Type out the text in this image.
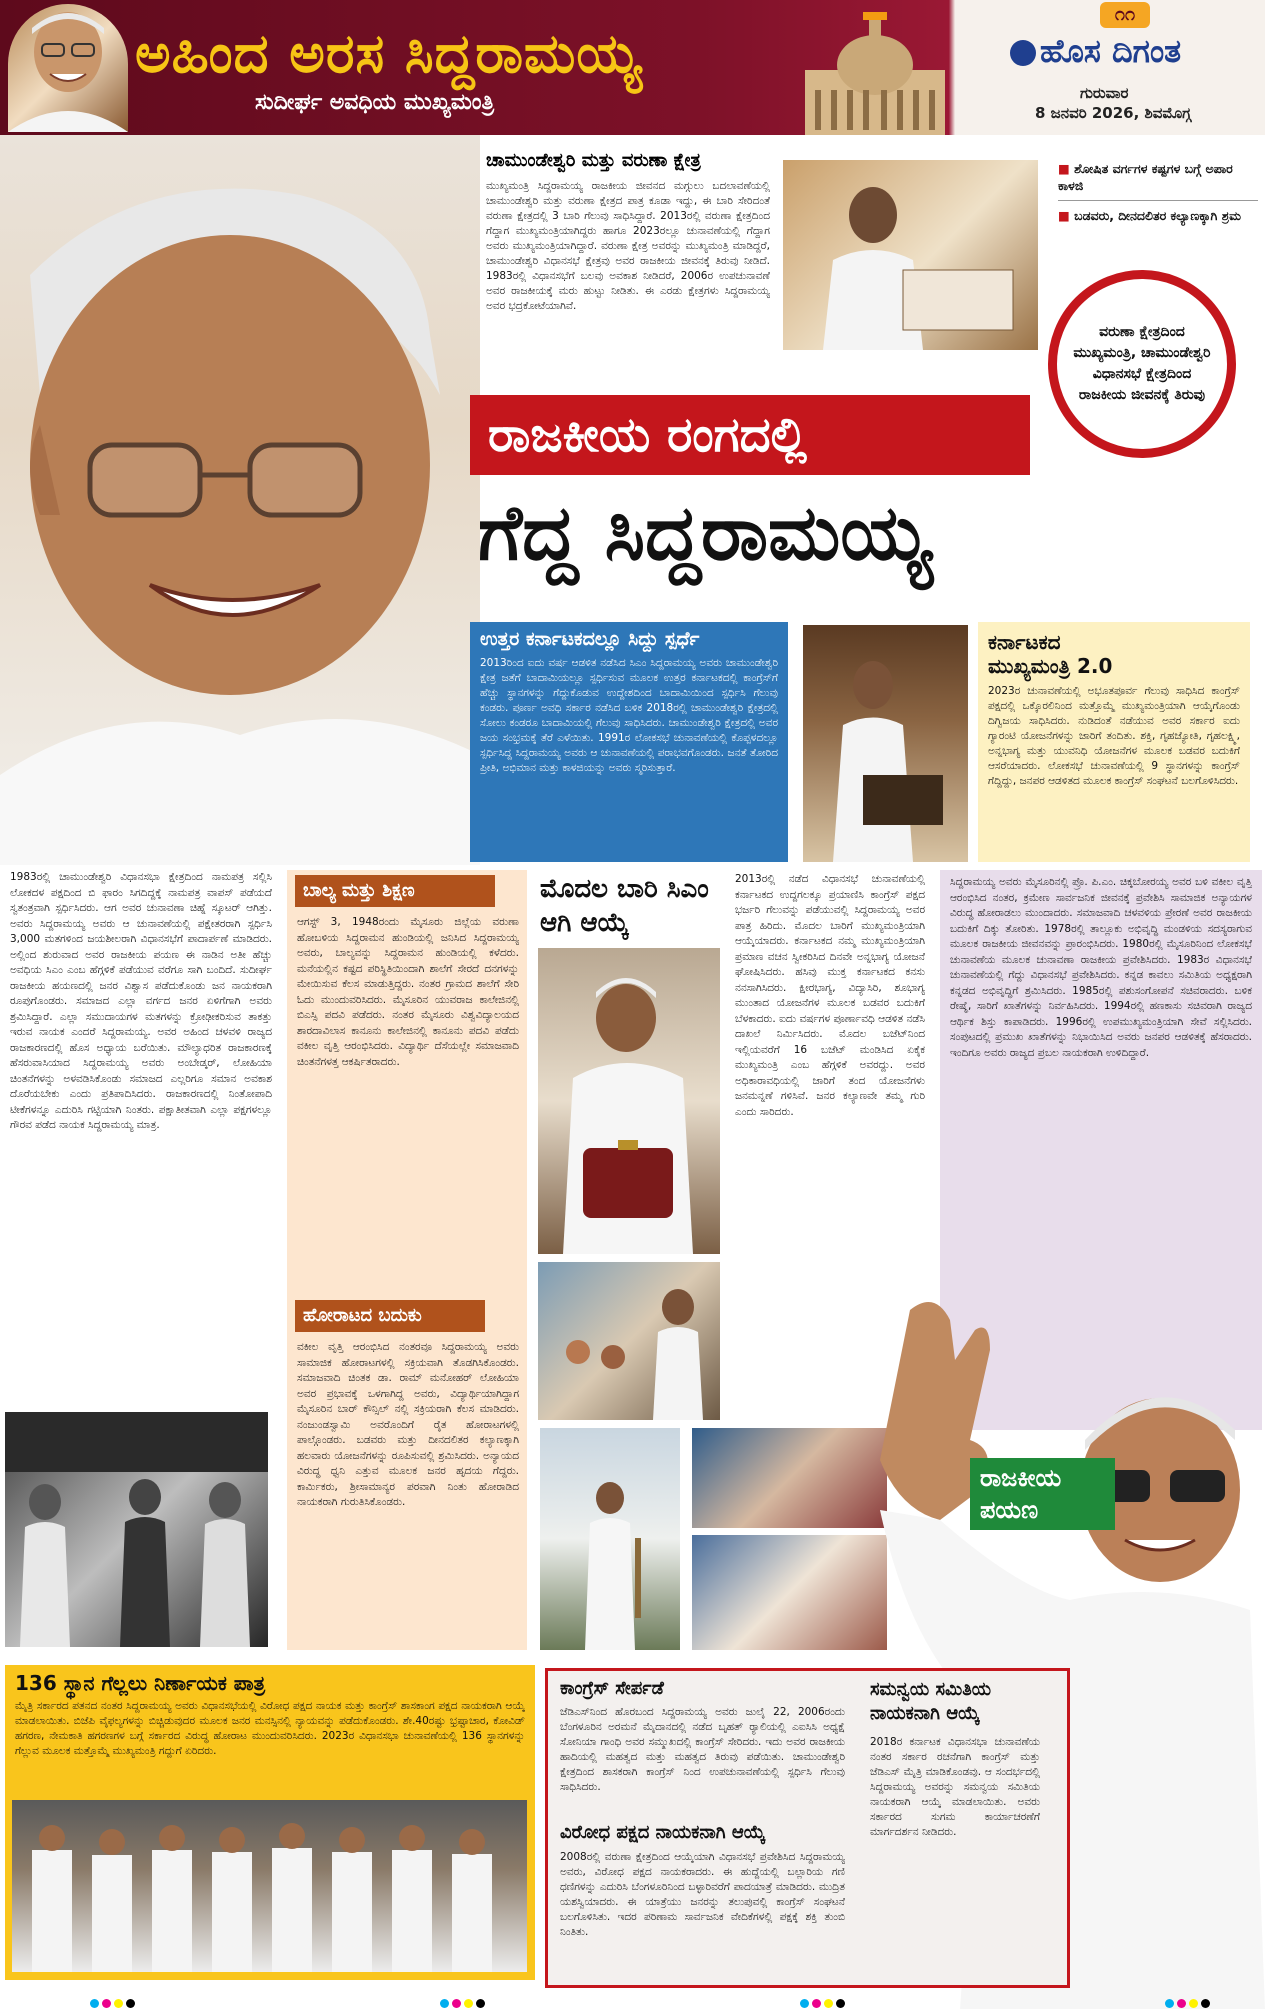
ಅಹಿಂದ ಅರಸ ಸಿದ್ದರಾಮಯ್ಯ
ಸುದೀರ್ಘ ಅವಧಿಯ ಮುಖ್ಯಮಂತ್ರಿ
೧೧
ಹೊಸ ದಿಗಂತ
ಗುರುವಾರ
8 ಜನವರಿ 2026, ಶಿವಮೊಗ್ಗ
ಚಾಮುಂಡೇಶ್ವರಿ ಮತ್ತು ವರುಣಾ ಕ್ಷೇತ್ರ
ಮುಖ್ಯಮಂತ್ರಿ ಸಿದ್ದರಾಮಯ್ಯ ರಾಜಕೀಯ ಜೀವನದ ಮಗ್ಗುಲು ಬದಲಾವಣೆಯಲ್ಲಿ ಚಾಮುಂಡೇಶ್ವರಿ ಮತ್ತು ವರುಣಾ ಕ್ಷೇತ್ರದ ಪಾತ್ರ ಕೂಡಾ ಇದ್ದು, ಈ ಬಾರಿ ಸೇರಿದಂತೆ ವರುಣಾ ಕ್ಷೇತ್ರದಲ್ಲಿ 3 ಬಾರಿ ಗೆಲುವು ಸಾಧಿಸಿದ್ದಾರೆ. 2013ರಲ್ಲಿ ವರುಣಾ ಕ್ಷೇತ್ರದಿಂದ ಗೆದ್ದಾಗ ಮುಖ್ಯಮಂತ್ರಿಯಾಗಿದ್ದರು ಹಾಗೂ 2023ರಲ್ಲೂ ಚುನಾವಣೆಯಲ್ಲಿ ಗೆದ್ದಾಗ ಅವರು ಮುಖ್ಯಮಂತ್ರಿಯಾಗಿದ್ದಾರೆ. ವರುಣಾ ಕ್ಷೇತ್ರ ಅವರನ್ನು ಮುಖ್ಯಮಂತ್ರಿ ಮಾಡಿದ್ದರೆ, ಚಾಮುಂಡೇಶ್ವರಿ ವಿಧಾನಸಭೆ ಕ್ಷೇತ್ರವು ಅವರ ರಾಜಕೀಯ ಜೀವನಕ್ಕೆ ತಿರುವು ನೀಡಿದೆ. 1983ರಲ್ಲಿ ವಿಧಾನಸಭೆಗೆ ಬಲವು ಅವಕಾಶ ನೀಡಿದರೆ, 2006ರ ಉಪಚುನಾವಣೆ ಅವರ ರಾಜಕೀಯಕ್ಕೆ ಮರು ಹುಟ್ಟು ನೀಡಿತು. ಈ ಎರಡು ಕ್ಷೇತ್ರಗಳು ಸಿದ್ದರಾಮಯ್ಯ ಅವರ ಭದ್ರಕೋಟೆಯಾಗಿವೆ.
■ ಶೋಷಿತ ವರ್ಗಗಳ ಕಷ್ಟಗಳ ಬಗ್ಗೆ ಅಪಾರ ಕಾಳಜಿ
■ ಬಡವರು, ದೀನದಲಿತರ ಕಲ್ಯಾಣಕ್ಕಾಗಿ ಶ್ರಮ
ವರುಣಾ ಕ್ಷೇತ್ರದಿಂದ ಮುಖ್ಯಮಂತ್ರಿ, ಚಾಮುಂಡೇಶ್ವರಿ ವಿಧಾನಸಭೆ ಕ್ಷೇತ್ರದಿಂದ ರಾಜಕೀಯ ಜೀವನಕ್ಕೆ ತಿರುವು
ರಾಜಕೀಯ ರಂಗದಲ್ಲಿ
ಗೆದ್ದ ಸಿದ್ದರಾಮಯ್ಯ
ಉತ್ತರ ಕರ್ನಾಟಕದಲ್ಲೂ ಸಿದ್ದು ಸ್ಪರ್ಧೆ
2013ರಿಂದ ಐದು ವರ್ಷ ಆಡಳಿತ ನಡೆಸಿದ ಸಿಎಂ ಸಿದ್ದರಾಮಯ್ಯ ಅವರು ಚಾಮುಂಡೇಶ್ವರಿ ಕ್ಷೇತ್ರ ಜತೆಗೆ ಬಾದಾಮಿಯಲ್ಲೂ ಸ್ಪರ್ಧಿಸುವ ಮೂಲಕ ಉತ್ತರ ಕರ್ನಾಟಕದಲ್ಲಿ ಕಾಂಗ್ರೆಸ್‌ಗೆ ಹೆಚ್ಚು ಸ್ಥಾನಗಳನ್ನು ಗೆದ್ದುಕೊಡುವ ಉದ್ದೇಶದಿಂದ ಬಾದಾಮಿಯಿಂದ ಸ್ಪರ್ಧಿಸಿ ಗೆಲುವು ಕಂಡರು. ಪೂರ್ಣ ಅವಧಿ ಸರ್ಕಾರ ನಡೆಸಿದ ಬಳಿಕ 2018ರಲ್ಲಿ ಚಾಮುಂಡೇಶ್ವರಿ ಕ್ಷೇತ್ರದಲ್ಲಿ ಸೋಲು ಕಂಡರೂ ಬಾದಾಮಿಯಲ್ಲಿ ಗೆಲುವು ಸಾಧಿಸಿದರು. ಚಾಮುಂಡೇಶ್ವರಿ ಕ್ಷೇತ್ರದಲ್ಲಿ ಅವರ ಜಯ ಸಂಭ್ರಮಕ್ಕೆ ತೆರೆ ಎಳೆಯಿತು. 1991ರ ಲೋಕಸಭೆ ಚುನಾವಣೆಯಲ್ಲಿ ಕೊಪ್ಪಳದಲ್ಲೂ ಸ್ಪರ್ಧಿಸಿದ್ದ ಸಿದ್ದರಾಮಯ್ಯ ಅವರು ಆ ಚುನಾವಣೆಯಲ್ಲಿ ಪರಾಭವಗೊಂಡರು. ಜನತೆ ತೋರಿದ ಪ್ರೀತಿ, ಅಭಿಮಾನ ಮತ್ತು ಕಾಳಜಿಯನ್ನು ಅವರು ಸ್ಮರಿಸುತ್ತಾರೆ.
ಕರ್ನಾಟಕದ ಮುಖ್ಯಮಂತ್ರಿ 2.0
2023ರ ಚುನಾವಣೆಯಲ್ಲಿ ಅಭೂತಪೂರ್ವ ಗೆಲುವು ಸಾಧಿಸಿದ ಕಾಂಗ್ರೆಸ್ ಪಕ್ಷದಲ್ಲಿ ಒಕ್ಕೊರಲಿನಿಂದ ಮತ್ತೊಮ್ಮೆ ಮುಖ್ಯಮಂತ್ರಿಯಾಗಿ ಆಯ್ಕೆಗೊಂಡು ದಿಗ್ವಿಜಯ ಸಾಧಿಸಿದರು. ನುಡಿದಂತೆ ನಡೆಯುವ ಅವರ ಸರ್ಕಾರ ಐದು ಗ್ಯಾರಂಟಿ ಯೋಜನೆಗಳನ್ನು ಜಾರಿಗೆ ತಂದಿತು. ಶಕ್ತಿ, ಗೃಹಜ್ಯೋತಿ, ಗೃಹಲಕ್ಷ್ಮಿ, ಅನ್ನಭಾಗ್ಯ ಮತ್ತು ಯುವನಿಧಿ ಯೋಜನೆಗಳ ಮೂಲಕ ಬಡವರ ಬದುಕಿಗೆ ಆಸರೆಯಾದರು. ಲೋಕಸಭೆ ಚುನಾವಣೆಯಲ್ಲಿ 9 ಸ್ಥಾನಗಳನ್ನು ಕಾಂಗ್ರೆಸ್ ಗೆದ್ದಿದ್ದು, ಜನಪರ ಆಡಳಿತದ ಮೂಲಕ ಕಾಂಗ್ರೆಸ್ ಸಂಘಟನೆ ಬಲಗೊಳಿಸಿದರು.
1983ರಲ್ಲಿ ಚಾಮುಂಡೇಶ್ವರಿ ವಿಧಾನಸಭಾ ಕ್ಷೇತ್ರದಿಂದ ನಾಮಪತ್ರ ಸಲ್ಲಿಸಿ ಲೋಕದಳ ಪಕ್ಷದಿಂದ ಬಿ ಫಾರಂ ಸಿಗದಿದ್ದಕ್ಕೆ ನಾಮಪತ್ರ ವಾಪಸ್ ಪಡೆಯದೆ ಸ್ವತಂತ್ರವಾಗಿ ಸ್ಪರ್ಧಿಸಿದರು. ಆಗ ಅವರ ಚುನಾವಣಾ ಚಿಹ್ನೆ ಸ್ಕೂಟರ್ ಆಗಿತ್ತು. ಅವರು ಸಿದ್ದರಾಮಯ್ಯ ಅವರು ಆ ಚುನಾವಣೆಯಲ್ಲಿ ಪಕ್ಷೇತರರಾಗಿ ಸ್ಪರ್ಧಿಸಿ 3,000 ಮತಗಳಿಂದ ಜಯಶೀಲರಾಗಿ ವಿಧಾನಸಭೆಗೆ ಪಾದಾರ್ಪಣೆ ಮಾಡಿದರು. ಅಲ್ಲಿಂದ ಶುರುವಾದ ಅವರ ರಾಜಕೀಯ ಪಯಣ ಈ ನಾಡಿನ ಅತೀ ಹೆಚ್ಚು ಅವಧಿಯ ಸಿಎಂ ಎಂಬ ಹೆಗ್ಗಳಿಕೆ ಪಡೆಯುವ ವರೆಗೂ ಸಾಗಿ ಬಂದಿದೆ. ಸುದೀರ್ಘ ರಾಜಕೀಯ ಹಯಣದಲ್ಲಿ ಜನರ ವಿಶ್ವಾಸ ಪಡೆದುಕೊಂಡು ಜನ ನಾಯಕರಾಗಿ ರೂಪುಗೊಂಡರು. ಸಮಾಜದ ಎಲ್ಲಾ ವರ್ಗದ ಜನರ ಏಳಿಗೆಗಾಗಿ ಅವರು ಶ್ರಮಿಸಿದ್ದಾರೆ. ಎಲ್ಲಾ ಸಮುದಾಯಗಳ ಮತಗಳನ್ನು ಕ್ರೋಢೀಕರಿಸುವ ತಾಕತ್ತು ಇರುವ ನಾಯಕ ಎಂದರೆ ಸಿದ್ದರಾಮಯ್ಯ. ಅವರ ಅಹಿಂದ ಚಳವಳಿ ರಾಜ್ಯದ ರಾಜಕಾರಣದಲ್ಲಿ ಹೊಸ ಅಧ್ಯಾಯ ಬರೆಯಿತು. ಮೌಲ್ಯಾಧರಿತ ರಾಜಕಾರಣಕ್ಕೆ ಹೆಸರುವಾಸಿಯಾದ ಸಿದ್ದರಾಮಯ್ಯ ಅವರು ಅಂಬೇಡ್ಕರ್, ಲೋಹಿಯಾ ಚಿಂತನೆಗಳನ್ನು ಅಳವಡಿಸಿಕೊಂಡು ಸಮಾಜದ ಎಲ್ಲರಿಗೂ ಸಮಾನ ಅವಕಾಶ ದೊರೆಯಬೇಕು ಎಂದು ಪ್ರತಿಪಾದಿಸಿದರು. ರಾಜಕಾರಣದಲ್ಲಿ ನಿಂತೋಪಾದಿ ಟೀಕೆಗಳನ್ನೂ ಎದುರಿಸಿ ಗಟ್ಟಿಯಾಗಿ ನಿಂತರು. ಪಕ್ಷಾತೀತವಾಗಿ ಎಲ್ಲಾ ಪಕ್ಷಗಳಲ್ಲೂ ಗೌರವ ಪಡೆದ ನಾಯಕ ಸಿದ್ದರಾಮಯ್ಯ ಮಾತ್ರ.
ಬಾಲ್ಯ ಮತ್ತು ಶಿಕ್ಷಣ
ಆಗಸ್ಟ್ 3, 1948ರಂದು ಮೈಸೂರು ಜಿಲ್ಲೆಯ ವರುಣಾ ಹೋಬಳಿಯ ಸಿದ್ದರಾಮನ ಹುಂಡಿಯಲ್ಲಿ ಜನಿಸಿದ ಸಿದ್ದರಾಮಯ್ಯ ಅವರು, ಬಾಲ್ಯವನ್ನು ಸಿದ್ದರಾಮನ ಹುಂಡಿಯಲ್ಲಿ ಕಳೆದರು. ಮನೆಯಲ್ಲಿನ ಕಷ್ಟದ ಪರಿಸ್ಥಿತಿಯಿಂದಾಗಿ ಶಾಲೆಗೆ ಸೇರದೆ ದನಗಳನ್ನು ಮೇಯಿಸುವ ಕೆಲಸ ಮಾಡುತ್ತಿದ್ದರು. ನಂತರ ಗ್ರಾಮದ ಶಾಲೆಗೆ ಸೇರಿ ಓದು ಮುಂದುವರಿಸಿದರು. ಮೈಸೂರಿನ ಯುವರಾಜ ಕಾಲೇಜಿನಲ್ಲಿ ಬಿಎಸ್ಸಿ ಪದವಿ ಪಡೆದರು. ನಂತರ ಮೈಸೂರು ವಿಶ್ವವಿದ್ಯಾಲಯದ ಶಾರದಾವಿಲಾಸ ಕಾನೂನು ಕಾಲೇಜಿನಲ್ಲಿ ಕಾನೂನು ಪದವಿ ಪಡೆದು ವಕೀಲ ವೃತ್ತಿ ಆರಂಭಿಸಿದರು. ವಿದ್ಯಾರ್ಥಿ ದೆಸೆಯಲ್ಲೇ ಸಮಾಜವಾದಿ ಚಿಂತನೆಗಳತ್ತ ಆಕರ್ಷಿತರಾದರು.
ಹೋರಾಟದ ಬದುಕು
ವಕೀಲ ವೃತ್ತಿ ಆರಂಭಿಸಿದ ನಂತರವೂ ಸಿದ್ದರಾಮಯ್ಯ ಅವರು ಸಾಮಾಜಿಕ ಹೋರಾಟಗಳಲ್ಲಿ ಸಕ್ರಿಯವಾಗಿ ತೊಡಗಿಸಿಕೊಂಡರು. ಸಮಾಜವಾದಿ ಚಿಂತಕ ಡಾ. ರಾಮ್ ಮನೋಹರ್ ಲೋಹಿಯಾ ಅವರ ಪ್ರಭಾವಕ್ಕೆ ಒಳಗಾಗಿದ್ದ ಅವರು, ವಿದ್ಯಾರ್ಥಿಯಾಗಿದ್ದಾಗ ಮೈಸೂರಿನ ಬಾರ್ ಕೌನ್ಸಿಲ್ ನಲ್ಲಿ ಸಕ್ರಿಯರಾಗಿ ಕೆಲಸ ಮಾಡಿದರು. ನಂಜುಂಡಸ್ವಾಮಿ ಅವರೊಂದಿಗೆ ರೈತ ಹೋರಾಟಗಳಲ್ಲಿ ಪಾಲ್ಗೊಂಡರು. ಬಡವರು ಮತ್ತು ದೀನದಲಿತರ ಕಲ್ಯಾಣಕ್ಕಾಗಿ ಹಲವಾರು ಯೋಜನೆಗಳನ್ನು ರೂಪಿಸುವಲ್ಲಿ ಶ್ರಮಿಸಿದರು. ಅನ್ಯಾಯದ ವಿರುದ್ಧ ಧ್ವನಿ ಎತ್ತುವ ಮೂಲಕ ಜನರ ಹೃದಯ ಗೆದ್ದರು. ಕಾರ್ಮಿಕರು, ಶ್ರೀಸಾಮಾನ್ಯರ ಪರವಾಗಿ ನಿಂತು ಹೋರಾಡಿದ ನಾಯಕರಾಗಿ ಗುರುತಿಸಿಕೊಂಡರು.
ಮೊದಲ ಬಾರಿ ಸಿಎಂ ಆಗಿ ಆಯ್ಕೆ
2013ರಲ್ಲಿ ನಡೆದ ವಿಧಾನಸಭೆ ಚುನಾವಣೆಯಲ್ಲಿ ಕರ್ನಾಟಕದ ಉದ್ದಗಲಕ್ಕೂ ಪ್ರಯಾಣಿಸಿ ಕಾಂಗ್ರೆಸ್ ಪಕ್ಷದ ಭರ್ಜರಿ ಗೆಲುವನ್ನು ಪಡೆಯುವಲ್ಲಿ ಸಿದ್ದರಾಮಯ್ಯ ಅವರ ಪಾತ್ರ ಹಿರಿದು. ಮೊದಲ ಬಾರಿಗೆ ಮುಖ್ಯಮಂತ್ರಿಯಾಗಿ ಆಯ್ಕೆಯಾದರು. ಕರ್ನಾಟಕದ ನಮ್ಮ ಮುಖ್ಯಮಂತ್ರಿಯಾಗಿ ಪ್ರಮಾಣ ವಚನ ಸ್ವೀಕರಿಸಿದ ದಿನವೇ ಅನ್ನಭಾಗ್ಯ ಯೋಜನೆ ಘೋಷಿಸಿದರು. ಹಸಿವು ಮುಕ್ತ ಕರ್ನಾಟಕದ ಕನಸು ನನಸಾಗಿಸಿದರು. ಕ್ಷೀರಭಾಗ್ಯ, ವಿದ್ಯಾಸಿರಿ, ಶೂಭಾಗ್ಯ ಮುಂತಾದ ಯೋಜನೆಗಳ ಮೂಲಕ ಬಡವರ ಬದುಕಿಗೆ ಬೆಳಕಾದರು. ಐದು ವರ್ಷಗಳ ಪೂರ್ಣಾವಧಿ ಆಡಳಿತ ನಡೆಸಿ ದಾಖಲೆ ನಿರ್ಮಿಸಿದರು. ಮೊದಲ ಬಜೆಟ್‌ನಿಂದ ಇಲ್ಲಿಯವರೆಗೆ 16 ಬಜೆಟ್ ಮಂಡಿಸಿದ ಏಕೈಕ ಮುಖ್ಯಮಂತ್ರಿ ಎಂಬ ಹೆಗ್ಗಳಿಕೆ ಅವರದ್ದು. ಅವರ ಅಧಿಕಾರಾವಧಿಯಲ್ಲಿ ಜಾರಿಗೆ ತಂದ ಯೋಜನೆಗಳು ಜನಮನ್ನಣೆ ಗಳಿಸಿವೆ. ಜನರ ಕಲ್ಯಾಣವೇ ತಮ್ಮ ಗುರಿ ಎಂದು ಸಾರಿದರು.
ಸಿದ್ದರಾಮಯ್ಯ ಅವರು ಮೈಸೂರಿನಲ್ಲಿ ಪ್ರೊ. ಪಿ.ಎಂ. ಚಿಕ್ಕಬೋರಯ್ಯ ಅವರ ಬಳಿ ವಕೀಲ ವೃತ್ತಿ ಆರಂಭಿಸಿದ ನಂತರ, ಕ್ರಮೇಣ ಸಾರ್ವಜನಿಕ ಜೀವನಕ್ಕೆ ಪ್ರವೇಶಿಸಿ ಸಾಮಾಜಿಕ ಅನ್ಯಾಯಗಳ ವಿರುದ್ಧ ಹೋರಾಡಲು ಮುಂದಾದರು. ಸಮಾಜವಾದಿ ಚಳವಳಿಯ ಪ್ರೇರಣೆ ಅವರ ರಾಜಕೀಯ ಬದುಕಿಗೆ ದಿಕ್ಕು ತೋರಿತು. 1978ರಲ್ಲಿ ತಾಲ್ಲೂಕು ಅಭಿವೃದ್ಧಿ ಮಂಡಳಿಯ ಸದಸ್ಯರಾಗುವ ಮೂಲಕ ರಾಜಕೀಯ ಜೀವನವನ್ನು ಪ್ರಾರಂಭಿಸಿದರು. 1980ರಲ್ಲಿ ಮೈಸೂರಿನಿಂದ ಲೋಕಸಭೆ ಚುನಾವಣೆಯ ಮೂಲಕ ಚುನಾವಣಾ ರಾಜಕೀಯ ಪ್ರವೇಶಿಸಿದರು. 1983ರ ವಿಧಾನಸಭೆ ಚುನಾವಣೆಯಲ್ಲಿ ಗೆದ್ದು ವಿಧಾನಸಭೆ ಪ್ರವೇಶಿಸಿದರು. ಕನ್ನಡ ಕಾವಲು ಸಮಿತಿಯ ಅಧ್ಯಕ್ಷರಾಗಿ ಕನ್ನಡದ ಅಭಿವೃದ್ಧಿಗೆ ಶ್ರಮಿಸಿದರು. 1985ರಲ್ಲಿ ಪಶುಸಂಗೋಪನೆ ಸಚಿವರಾದರು. ಬಳಿಕ ರೇಷ್ಮೆ, ಸಾರಿಗೆ ಖಾತೆಗಳನ್ನು ನಿರ್ವಹಿಸಿದರು. 1994ರಲ್ಲಿ ಹಣಕಾಸು ಸಚಿವರಾಗಿ ರಾಜ್ಯದ ಆರ್ಥಿಕ ಶಿಸ್ತು ಕಾಪಾಡಿದರು. 1996ರಲ್ಲಿ ಉಪಮುಖ್ಯಮಂತ್ರಿಯಾಗಿ ಸೇವೆ ಸಲ್ಲಿಸಿದರು. ಸಂಪುಟದಲ್ಲಿ ಪ್ರಮುಖ ಖಾತೆಗಳನ್ನು ನಿಭಾಯಿಸಿದ ಅವರು ಜನಪರ ಆಡಳಿತಕ್ಕೆ ಹೆಸರಾದರು. ಇಂದಿಗೂ ಅವರು ರಾಜ್ಯದ ಪ್ರಬಲ ನಾಯಕರಾಗಿ ಉಳಿದಿದ್ದಾರೆ.
ರಾಜಕೀಯ
ಪಯಣ
136 ಸ್ಥಾನ ಗೆಲ್ಲಲು ನಿರ್ಣಾಯಕ ಪಾತ್ರ
ಮೈತ್ರಿ ಸರ್ಕಾರದ ಪತನದ ನಂತರ ಸಿದ್ದರಾಮಯ್ಯ ಅವರು ವಿಧಾನಸಭೆಯಲ್ಲಿ ವಿರೋಧ ಪಕ್ಷದ ನಾಯಕ ಮತ್ತು ಕಾಂಗ್ರೆಸ್ ಶಾಸಕಾಂಗ ಪಕ್ಷದ ನಾಯಕರಾಗಿ ಆಯ್ಕೆ ಮಾಡಲಾಯಿತು. ಬಿಜೆಪಿ ವೈಫಲ್ಯಗಳನ್ನು ಬಿಚ್ಚಿಡುವುದರ ಮೂಲಕ ಜನರ ಮನಸ್ಸಿನಲ್ಲಿ ನ್ಯಾಯವನ್ನು ಪಡೆದುಕೊಂಡರು. ಶೇ.40ರಷ್ಟು ಭ್ರಷ್ಟಾಚಾರ, ಕೋವಿಡ್ ಹಗರಣ, ನೇಮಕಾತಿ ಹಗರಣಗಳ ಬಗ್ಗೆ ಸರ್ಕಾರದ ವಿರುದ್ಧ ಹೋರಾಟ ಮುಂದುವರಿಸಿದರು. 2023ರ ವಿಧಾನಸಭಾ ಚುನಾವಣೆಯಲ್ಲಿ 136 ಸ್ಥಾನಗಳನ್ನು ಗೆಲ್ಲುವ ಮೂಲಕ ಮತ್ತೊಮ್ಮೆ ಮುಖ್ಯಮಂತ್ರಿ ಗದ್ದುಗೆ ಏರಿದರು.
ಕಾಂಗ್ರೆಸ್ ಸೇರ್ಪಡೆ
ಜೆಡಿಎಸ್‌ನಿಂದ ಹೊರಬಂದ ಸಿದ್ದರಾಮಯ್ಯ ಅವರು ಜುಲೈ 22, 2006ರಂದು ಬೆಂಗಳೂರಿನ ಅರಮನೆ ಮೈದಾನದಲ್ಲಿ ನಡೆದ ಬೃಹತ್ ರ‍್ಯಾಲಿಯಲ್ಲಿ ಎಐಸಿಸಿ ಅಧ್ಯಕ್ಷೆ ಸೋನಿಯಾ ಗಾಂಧಿ ಅವರ ಸಮ್ಮುಖದಲ್ಲಿ ಕಾಂಗ್ರೆಸ್ ಸೇರಿದರು. ಇದು ಅವರ ರಾಜಕೀಯ ಹಾದಿಯಲ್ಲಿ ಮಹತ್ವದ ಮತ್ತು ಮಹತ್ವದ ತಿರುವು ಪಡೆಯಿತು. ಚಾಮುಂಡೇಶ್ವರಿ ಕ್ಷೇತ್ರದಿಂದ ಶಾಸಕರಾಗಿ ಕಾಂಗ್ರೆಸ್ ನಿಂದ ಉಪಚುನಾವಣೆಯಲ್ಲಿ ಸ್ಪರ್ಧಿಸಿ ಗೆಲುವು ಸಾಧಿಸಿದರು.
ವಿರೋಧ ಪಕ್ಷದ ನಾಯಕನಾಗಿ ಆಯ್ಕೆ
2008ರಲ್ಲಿ ವರುಣಾ ಕ್ಷೇತ್ರದಿಂದ ಆಯ್ಕೆಯಾಗಿ ವಿಧಾನಸಭೆ ಪ್ರವೇಶಿಸಿದ ಸಿದ್ದರಾಮಯ್ಯ ಅವರು, ವಿರೋಧ ಪಕ್ಷದ ನಾಯಕರಾದರು. ಈ ಹುದ್ದೆಯಲ್ಲಿ ಬಲ್ಲಾರಿಯ ಗಣಿ ಧಣಿಗಳನ್ನು ಎದುರಿಸಿ ಬೆಂಗಳೂರಿನಿಂದ ಬಳ್ಳಾರಿವರೆಗೆ ಪಾದಯಾತ್ರೆ ಮಾಡಿದರು. ಮುದ್ರಿತ ಯಶಸ್ವಿಯಾದರು. ಈ ಯಾತ್ರೆಯು ಜನರನ್ನು ತಲುಪುವಲ್ಲಿ ಕಾಂಗ್ರೆಸ್ ಸಂಘಟನೆ ಬಲಗೊಳಿಸಿತು. ಇದರ ಪರಿಣಾಮ ಸಾರ್ವಜನಿಕ ವೇದಿಕೆಗಳಲ್ಲಿ ಪಕ್ಷಕ್ಕೆ ಶಕ್ತಿ ತುಂಬಿ ನಿಂತಿತು.
ಸಮನ್ವಯ ಸಮಿತಿಯ ನಾಯಕನಾಗಿ ಆಯ್ಕೆ
2018ರ ಕರ್ನಾಟಕ ವಿಧಾನಸಭಾ ಚುನಾವಣೆಯ ನಂತರ ಸರ್ಕಾರ ರಚನೆಗಾಗಿ ಕಾಂಗ್ರೆಸ್ ಮತ್ತು ಜೆಡಿಎಸ್ ಮೈತ್ರಿ ಮಾಡಿಕೊಂಡವು. ಆ ಸಂದರ್ಭದಲ್ಲಿ ಸಿದ್ದರಾಮಯ್ಯ ಅವರನ್ನು ಸಮನ್ವಯ ಸಮಿತಿಯ ನಾಯಕರಾಗಿ ಆಯ್ಕೆ ಮಾಡಲಾಯಿತು. ಅವರು ಸರ್ಕಾರದ ಸುಗಮ ಕಾರ್ಯಾಚರಣೆಗೆ ಮಾರ್ಗದರ್ಶನ ನೀಡಿದರು.
